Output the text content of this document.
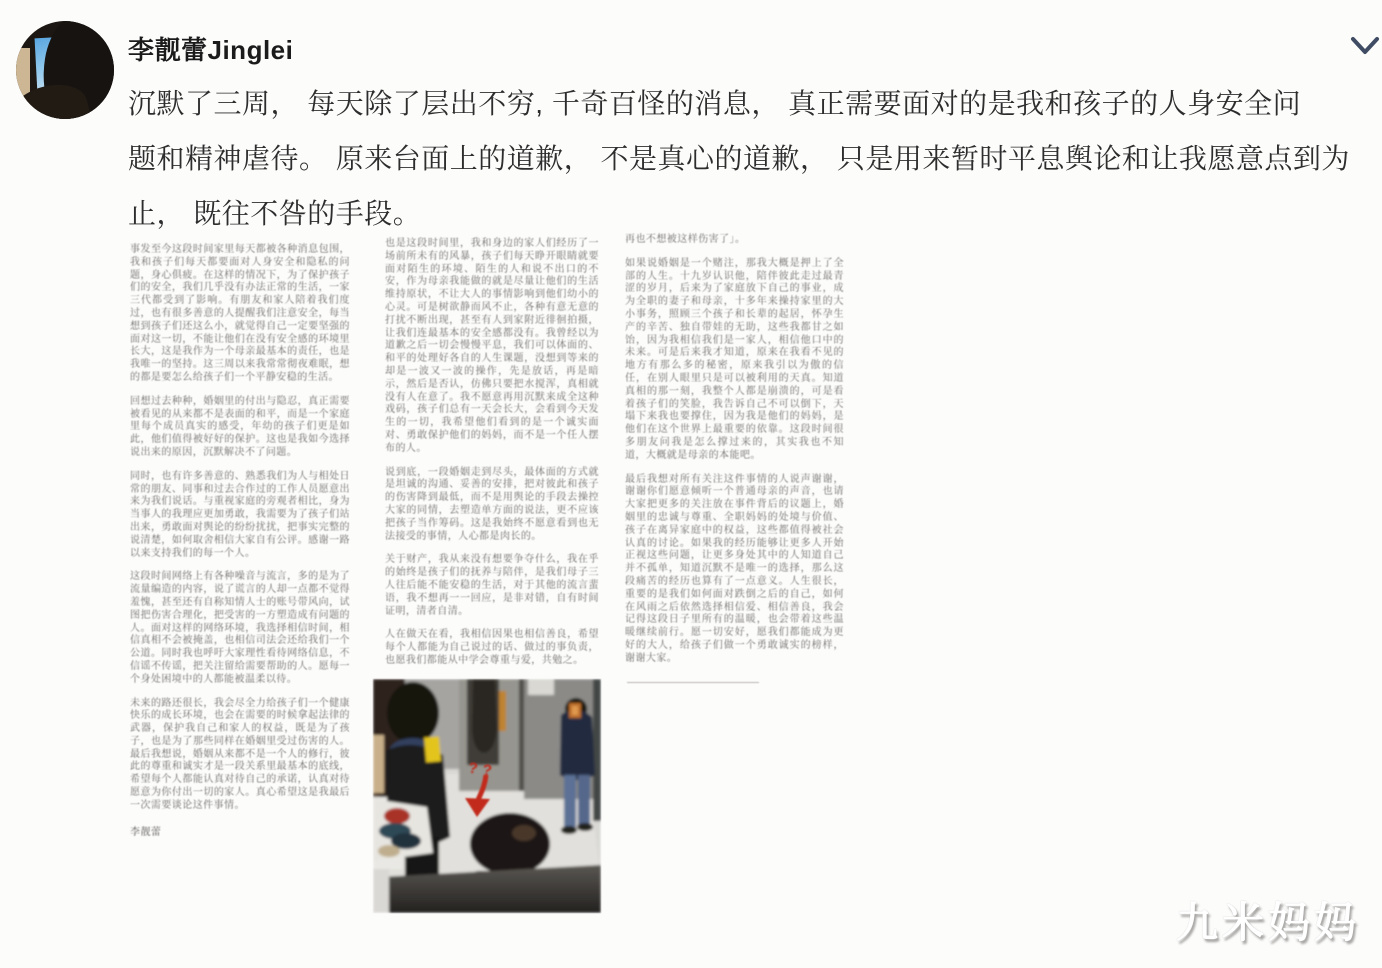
李靓蕾Jinglei
沉默了三周， 每天除了层出不穷, 千奇百怪的消息， 真正需要面对的是我和孩子的人身安全问
题和精神虐待。 原来台面上的道歉， 不是真心的道歉， 只是用来暂时平息舆论和让我愿意点到为
止， 既往不咎的手段。

事发至今这段时间家里每天都被各种消息包围，我和孩子们每天都要面对人身安全和隐私的问题，身心俱疲。在这样的情况下，为了保护孩子们的安全，我们几乎没有办法正常的生活，一家三代都受到了影响。有朋友和家人陪着我们度过，也有很多善意的人提醒我们注意安全，每当想到孩子们还这么小，就觉得自己一定要坚强的面对这一切，不能让他们在没有安全感的环境里长大，这是我作为一个母亲最基本的责任，也是我唯一的坚持。这三周以来我常常彻夜难眠，想的都是要怎么给孩子们一个平静安稳的生活。

回想过去种种，婚姻里的付出与隐忍，真正需要被看见的从来都不是表面的和平，而是一个家庭里每个成员真实的感受，年幼的孩子们更是如此，他们值得被好好的保护。这也是我如今选择说出来的原因，沉默解决不了问题。

同时，也有许多善意的、熟悉我们为人与相处日常的朋友、同事和过去合作过的工作人员愿意出来为我们说话。与重视家庭的旁观者相比，身为当事人的我理应更加勇敢，我需要为了孩子们站出来，勇敢面对舆论的纷纷扰扰，把事实完整的说清楚，如何取舍相信大家自有公评。感谢一路以来支持我们的每一个人。

这段时间网络上有各种噪音与流言，多的是为了流量编造的内容，说了谎言的人却一点都不觉得羞愧，甚至还有自称知情人士的账号带风向，试图把伤害合理化，把受害的一方塑造成有问题的人。面对这样的网络环境，我选择相信时间，相信真相不会被掩盖，也相信司法会还给我们一个公道。同时我也呼吁大家理性看待网络信息，不信谣不传谣，把关注留给需要帮助的人。愿每一个身处困境中的人都能被温柔以待。

未来的路还很长，我会尽全力给孩子们一个健康快乐的成长环境，也会在需要的时候拿起法律的武器，保护我自己和家人的权益，既是为了孩子，也是为了那些同样在婚姻里受过伤害的人。最后我想说，婚姻从来都不是一个人的修行，彼此的尊重和诚实才是一段关系里最基本的底线，希望每个人都能认真对待自己的承诺，认真对待愿意为你付出一切的家人。真心希望这是我最后一次需要谈论这件事情。

李靓蕾

也是这段时间里，我和身边的家人们经历了一场前所未有的风暴，孩子们每天睁开眼睛就要面对陌生的环境、陌生的人和说不出口的不安，作为母亲我能做的就是尽量让他们的生活维持原状，不让大人的事情影响到他们幼小的心灵。可是树欲静而风不止，各种有意无意的打扰不断出现，甚至有人到家附近徘徊拍摄，让我们连最基本的安全感都没有。我曾经以为道歉之后一切会慢慢平息，我们可以体面的、和平的处理好各自的人生课题，没想到等来的却是一波又一波的操作，先是放话，再是暗示，然后是否认，仿佛只要把水搅浑，真相就没有人在意了。我不愿意再用沉默来成全这种戏码，孩子们总有一天会长大，会看到今天发生的一切，我希望他们看到的是一个诚实面对、勇敢保护他们的妈妈，而不是一个任人摆布的人。

说到底，一段婚姻走到尽头，最体面的方式就是坦诚的沟通、妥善的安排，把对彼此和孩子的伤害降到最低，而不是用舆论的手段去操控大家的同情，去塑造单方面的说法，更不应该把孩子当作筹码。这是我始终不愿意看到也无法接受的事情，人心都是肉长的。

关于财产，我从来没有想要争夺什么，我在乎的始终是孩子们的抚养与陪伴，是我们母子三人往后能不能安稳的生活，对于其他的流言蜚语，我不想再一一回应，是非对错，自有时间证明，清者自清。

人在做天在看，我相信因果也相信善良，希望每个人都能为自己说过的话、做过的事负责，也愿我们都能从中学会尊重与爱，共勉之。

? ?

再也不想被这样伤害了」。

如果说婚姻是一个赌注，那我大概是押上了全部的人生。十九岁认识他，陪伴彼此走过最青涩的岁月，后来为了家庭放下自己的事业，成为全职的妻子和母亲，十多年来操持家里的大小事务，照顾三个孩子和长辈的起居，怀孕生产的辛苦、独自带娃的无助，这些我都甘之如饴，因为我相信我们是一家人，相信他口中的未来。可是后来我才知道，原来在我看不见的地方有那么多的秘密，原来我引以为傲的信任，在别人眼里只是可以被利用的天真。知道真相的那一刻，我整个人都是崩溃的，可是看着孩子们的笑脸，我告诉自己不可以倒下，天塌下来我也要撑住，因为我是他们的妈妈，是他们在这个世界上最重要的依靠。这段时间很多朋友问我是怎么撑过来的，其实我也不知道，大概就是母亲的本能吧。

最后我想对所有关注这件事情的人说声谢谢，谢谢你们愿意倾听一个普通母亲的声音，也请大家把更多的关注放在事件背后的议题上，婚姻里的忠诚与尊重、全职妈妈的处境与价值、孩子在离异家庭中的权益，这些都值得被社会认真的讨论。如果我的经历能够让更多人开始正视这些问题，让更多身处其中的人知道自己并不孤单，知道沉默不是唯一的选择，那么这段痛苦的经历也算有了一点意义。人生很长，重要的是我们如何面对跌倒之后的自己，如何在风雨之后依然选择相信爱、相信善良，我会记得这段日子里所有的温暖，也会带着这些温暖继续前行。愿一切安好，愿我们都能成为更好的大人，给孩子们做一个勇敢诚实的榜样，谢谢大家。

九米妈妈
